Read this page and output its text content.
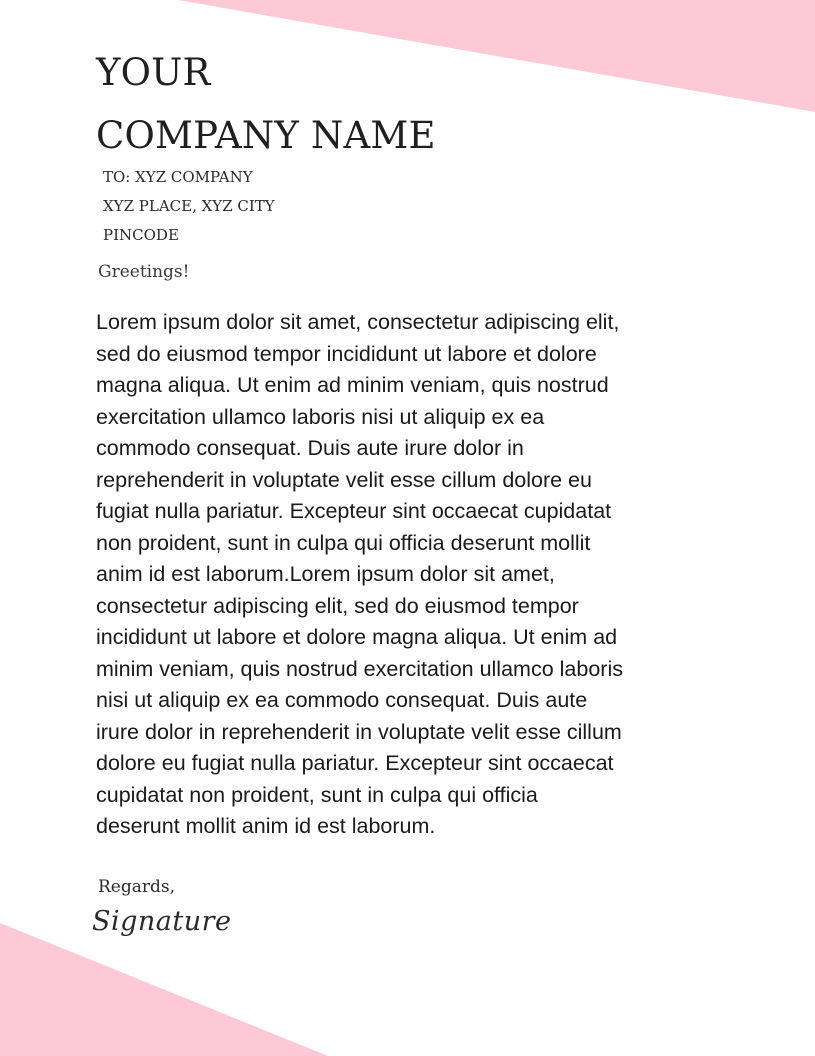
YOUR
COMPANY NAME
TO: XYZ COMPANY
XYZ PLACE, XYZ CITY
PINCODE
Greetings!
Lorem ipsum dolor sit amet, consectetur adipiscing elit,
sed do eiusmod tempor incididunt ut labore et dolore
magna aliqua. Ut enim ad minim veniam, quis nostrud
exercitation ullamco laboris nisi ut aliquip ex ea
commodo consequat. Duis aute irure dolor in
reprehenderit in voluptate velit esse cillum dolore eu
fugiat nulla pariatur. Excepteur sint occaecat cupidatat
non proident, sunt in culpa qui officia deserunt mollit
anim id est laborum.Lorem ipsum dolor sit amet,
consectetur adipiscing elit, sed do eiusmod tempor
incididunt ut labore et dolore magna aliqua. Ut enim ad
minim veniam, quis nostrud exercitation ullamco laboris
nisi ut aliquip ex ea commodo consequat. Duis aute
irure dolor in reprehenderit in voluptate velit esse cillum
dolore eu fugiat nulla pariatur. Excepteur sint occaecat
cupidatat non proident, sunt in culpa qui officia
deserunt mollit anim id est laborum.
Regards,
Signature
